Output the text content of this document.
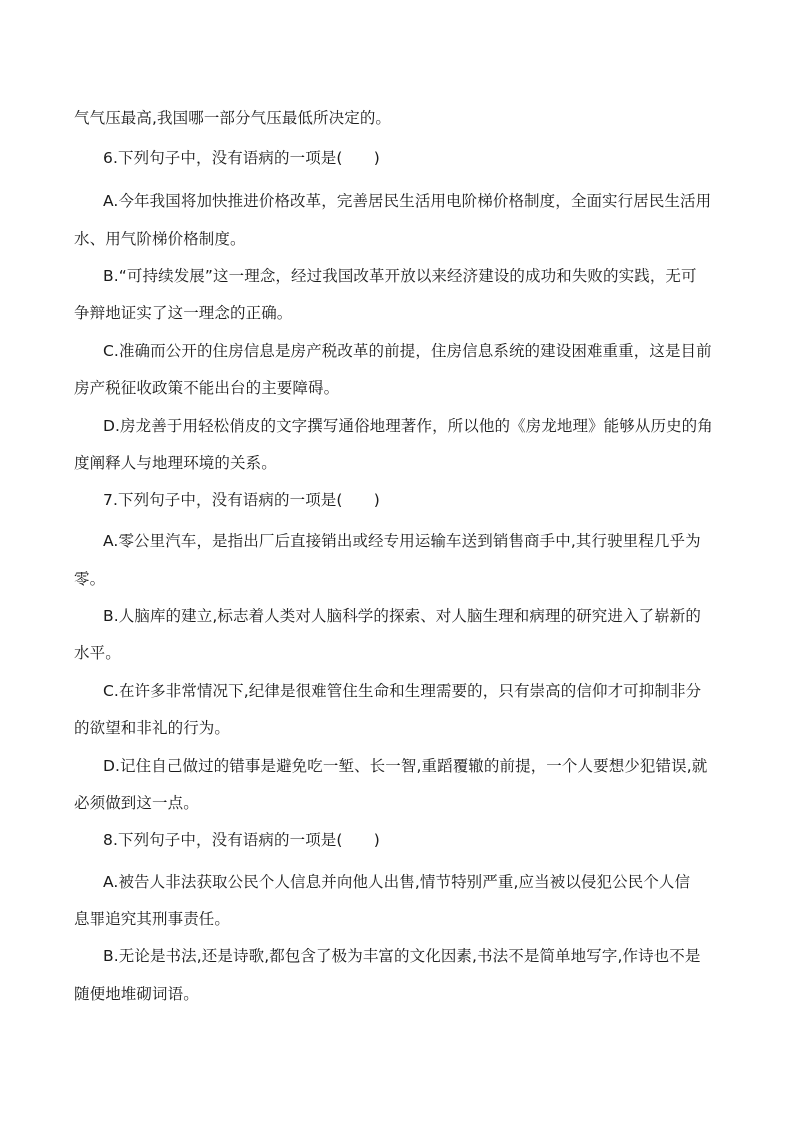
气气压最高,我国哪一部分气压最低所决定的。
6.下列句子中，没有语病的一项是(　　)
A.今年我国将加快推进价格改革，完善居民生活用电阶梯价格制度，全面实行居民生活用
水、用气阶梯价格制度。
B.“可持续发展”这一理念，经过我国改革开放以来经济建设的成功和失败的实践，无可
争辩地证实了这一理念的正确。
C.准确而公开的住房信息是房产税改革的前提，住房信息系统的建设困难重重，这是目前
房产税征收政策不能出台的主要障碍。
D.房龙善于用轻松俏皮的文字撰写通俗地理著作，所以他的《房龙地理》能够从历史的角
度阐释人与地理环境的关系。
7.下列句子中，没有语病的一项是(　　)
A.零公里汽车，是指出厂后直接销出或经专用运输车送到销售商手中,其行驶里程几乎为
零。
B.人脑库的建立,标志着人类对人脑科学的探索、对人脑生理和病理的研究进入了崭新的
水平。
C.在许多非常情况下,纪律是很难管住生命和生理需要的，只有崇高的信仰才可抑制非分
的欲望和非礼的行为。
D.记住自己做过的错事是避免吃一堑、长一智,重蹈覆辙的前提，一个人要想少犯错误,就
必须做到这一点。
8.下列句子中，没有语病的一项是(　　)
A.被告人非法获取公民个人信息并向他人出售,情节特别严重,应当被以侵犯公民个人信
息罪追究其刑事责任。
B.无论是书法,还是诗歌,都包含了极为丰富的文化因素,书法不是简单地写字,作诗也不是
随便地堆砌词语。
